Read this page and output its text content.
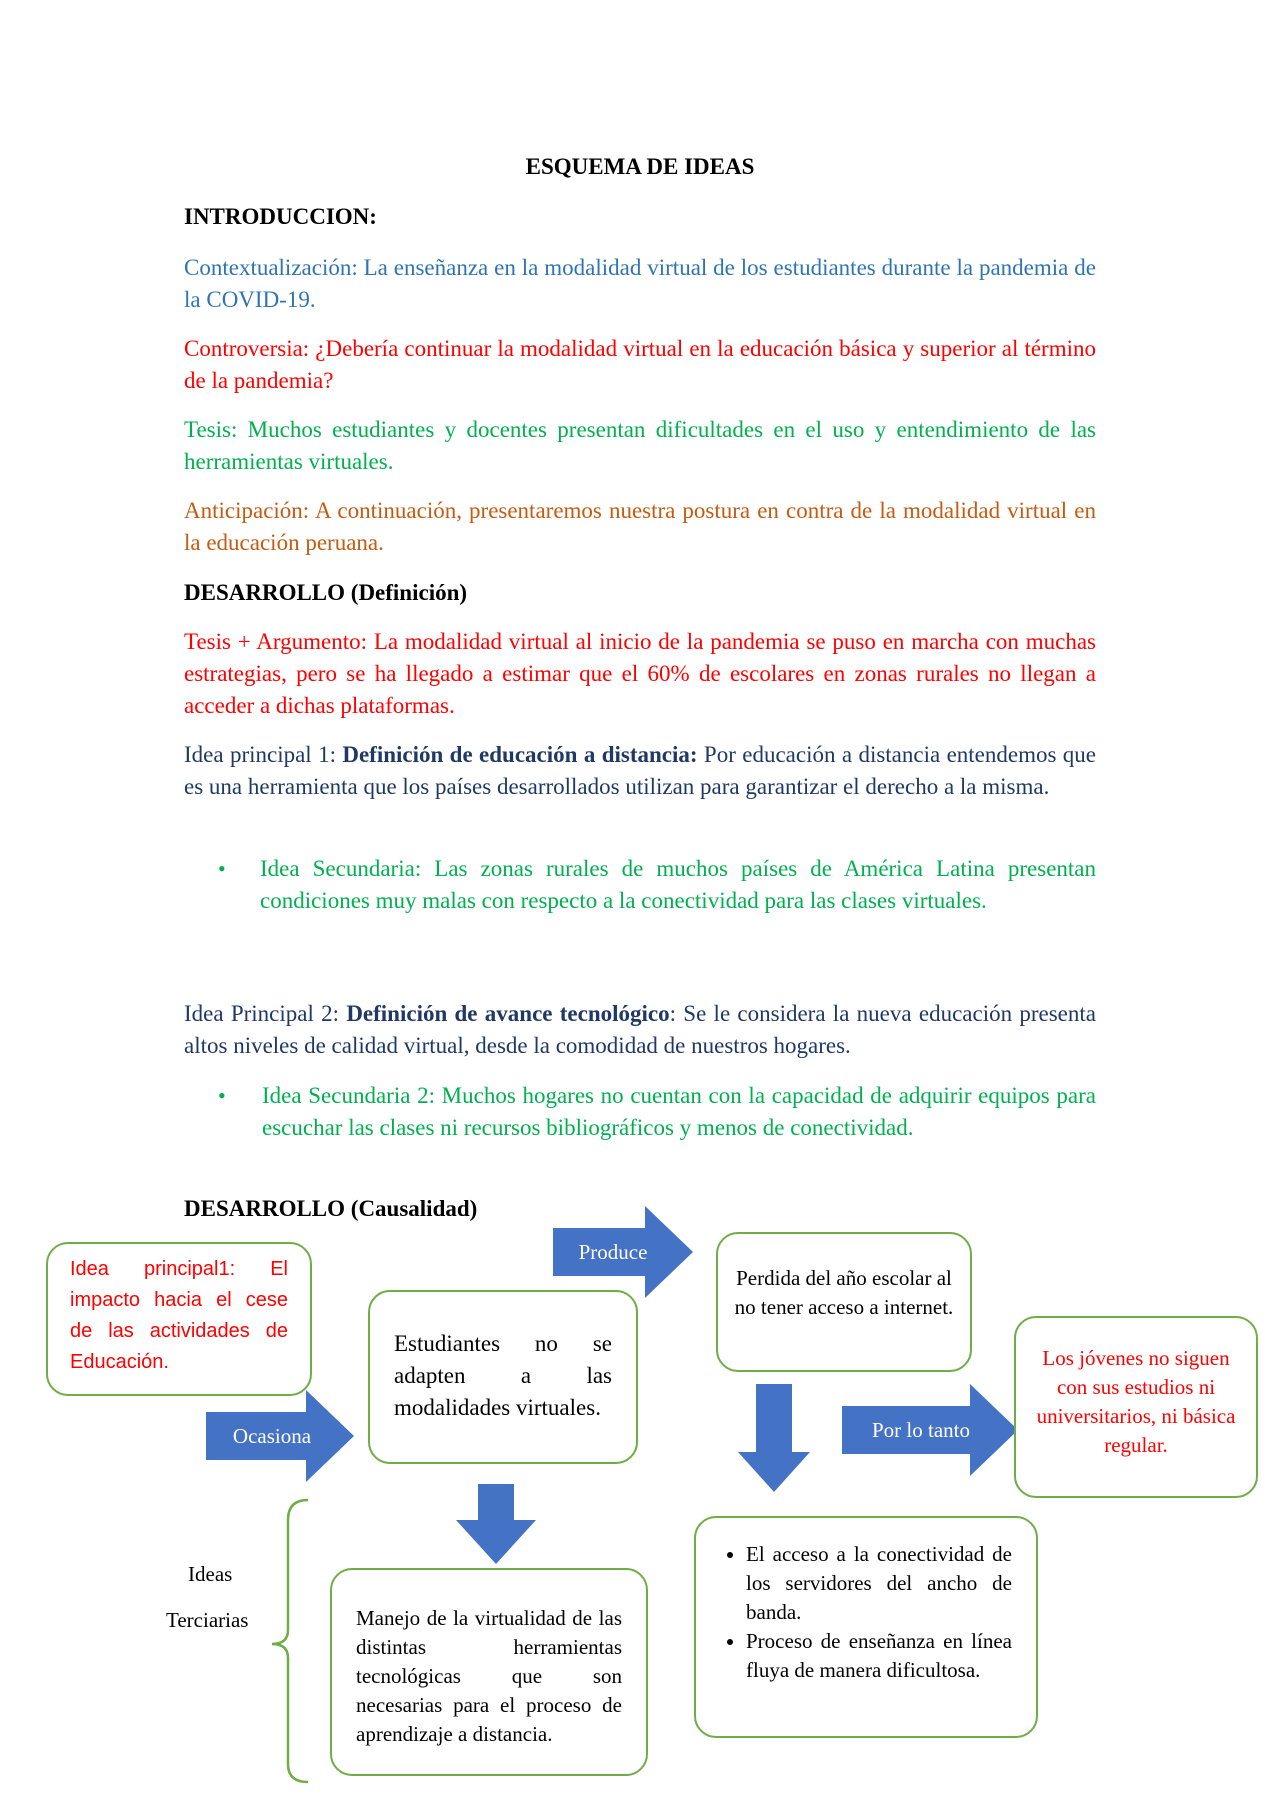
ESQUEMA DE IDEAS
INTRODUCCION:
Contextualización: La enseñanza en la modalidad virtual de los estudiantes durante la pandemia de la COVID-19.
Controversia: ¿Debería continuar la modalidad virtual en la educación básica y superior al término de la pandemia?
Tesis: Muchos estudiantes y docentes presentan dificultades en el uso y entendimiento de las herramientas virtuales.
Anticipación: A continuación, presentaremos nuestra postura en contra de la modalidad virtual en la educación peruana.
DESARROLLO (Definición)
Tesis + Argumento: La modalidad virtual al inicio de la pandemia se puso en marcha con muchas estrategias, pero se ha llegado a estimar que el 60% de escolares en zonas rurales no llegan a acceder a dichas plataformas.
Idea principal 1: Definición de educación a distancia: Por educación a distancia entendemos que es una herramienta que los países desarrollados utilizan para garantizar el derecho a la misma.
• Idea Secundaria: Las zonas rurales de muchos países de América Latina presentan condiciones muy malas con respecto a la conectividad para las clases virtuales.
Idea Principal 2: Definición de avance tecnológico: Se le considera la nueva educación presenta altos niveles de calidad virtual, desde la comodidad de nuestros hogares.
• Idea Secundaria 2: Muchos hogares no cuentan con la capacidad de adquirir equipos para escuchar las clases ni recursos bibliográficos y menos de conectividad.
DESARROLLO (Causalidad)
Produce
Ocasiona	Por lo tanto
Idea principal1: El impacto hacia el cese de las actividades de Educación.
Estudiantes no se adapten a las modalidades virtuales.
Perdida del año escolar al no tener acceso a internet.
Los jóvenes no siguen con sus estudios ni universitarios, ni básica regular.
Manejo de la virtualidad de las distintas herramientas tecnológicas que son necesarias para el proceso de aprendizaje a distancia.
• El acceso a la conectividad de los servidores del ancho de banda.
• Proceso de enseñanza en línea fluya de manera dificultosa.
Ideas
Terciarias
